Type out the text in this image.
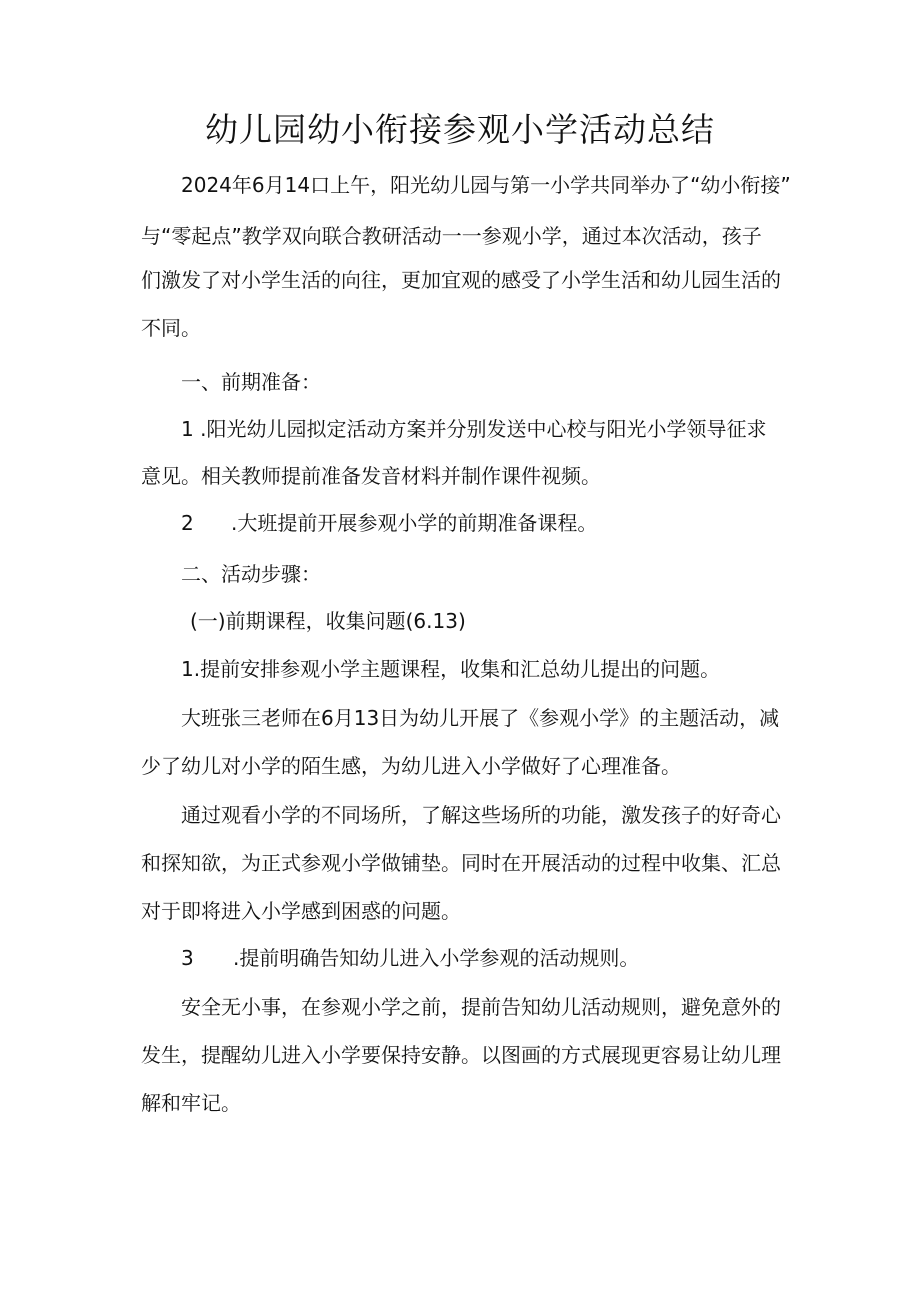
幼儿园幼小衔接参观小学活动总结

2024年6月14口上午，阳光幼儿园与第一小学共同举办了“幼小衔接”

与“零起点”教学双向联合教研活动一一参观小学，通过本次活动，孩子

们激发了对小学生活的向往，更加宜观的感受了小学生活和幼儿园生活的

不同。

一、前期准备：

1 .阳光幼儿园拟定活动方案并分别发送中心校与阳光小学领导征求

意见。相关教师提前准备发音材料并制作课件视频。

2 .大班提前开展参观小学的前期准备课程。

二、活动步骤：

(一)前期课程，收集问题(6.13)

1.提前安排参观小学主题课程，收集和汇总幼儿提出的问题。

大班张三老师在6月13日为幼儿开展了《参观小学》的主题活动，减

少了幼儿对小学的陌生感，为幼儿进入小学做好了心理准备。

通过观看小学的不同场所，了解这些场所的功能，激发孩子的好奇心

和探知欲，为正式参观小学做铺垫。同时在开展活动的过程中收集、汇总

对于即将进入小学感到困惑的问题。

3 .提前明确告知幼儿进入小学参观的活动规则。

安全无小事，在参观小学之前，提前告知幼儿活动规则，避免意外的

发生，提醒幼儿进入小学要保持安静。以图画的方式展现更容易让幼儿理

解和牢记。
